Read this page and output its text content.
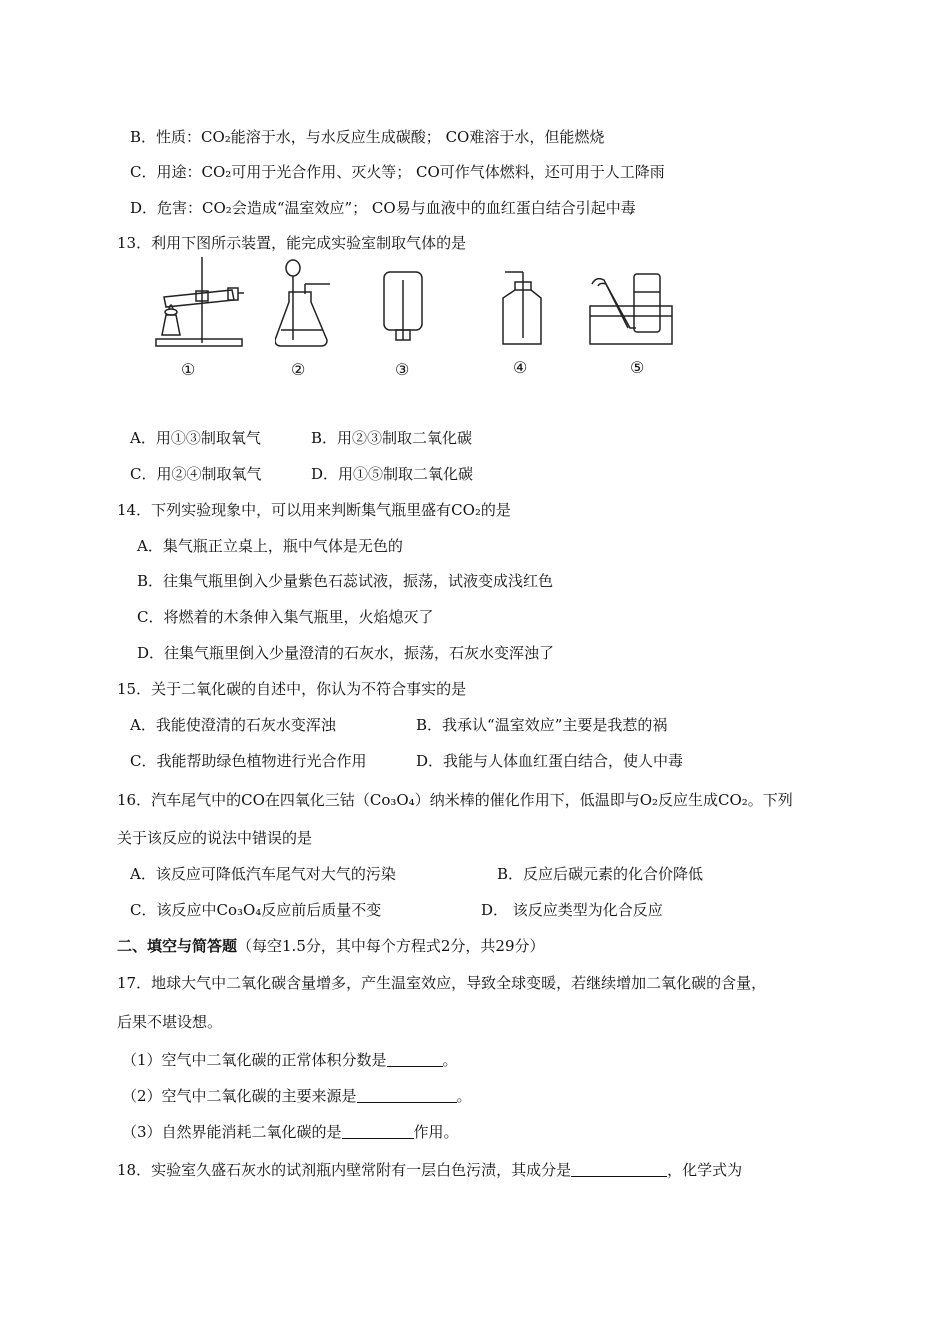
B．性质：CO₂能溶于水，与水反应生成碳酸； CO难溶于水，但能燃烧
C．用途：CO₂可用于光合作用、灭火等； CO可作气体燃料，还可用于人工降雨
D．危害：CO₂会造成“温室效应”； CO易与血液中的血红蛋白结合引起中毒
13．利用下图所示装置，能完成实验室制取气体的是
①	②	③	④	⑤
A．用①③制取氧气	B．用②③制取二氧化碳
C．用②④制取氧气	D．用①⑤制取二氧化碳
14．下列实验现象中，可以用来判断集气瓶里盛有CO₂的是
A．集气瓶正立桌上，瓶中气体是无色的
B．往集气瓶里倒入少量紫色石蕊试液，振荡，试液变成浅红色
C．将燃着的木条伸入集气瓶里，火焰熄灭了
D．往集气瓶里倒入少量澄清的石灰水，振荡，石灰水变浑浊了
15．关于二氧化碳的自述中，你认为不符合事实的是
A．我能使澄清的石灰水变浑浊	B．我承认“温室效应”主要是我惹的祸
C．我能帮助绿色植物进行光合作用	D．我能与人体血红蛋白结合，使人中毒
16．汽车尾气中的CO在四氧化三钴（Co₃O₄）纳米棒的催化作用下，低温即与O₂反应生成CO₂。下列
关于该反应的说法中错误的是
A．该反应可降低汽车尾气对大气的污染	B．反应后碳元素的化合价降低
C．该反应中Co₃O₄反应前后质量不变	D． 该反应类型为化合反应
二、填空与简答题（每空1.5分，其中每个方程式2分，共29分）
17．地球大气中二氧化碳含量增多，产生温室效应，导致全球变暖，若继续增加二氧化碳的含量，
后果不堪设想。
（1）空气中二氧化碳的正常体积分数是	。
（2）空气中二氧化碳的主要来源是	。
（3）自然界能消耗二氧化碳的是	作用。
18．实验室久盛石灰水的试剂瓶内壁常附有一层白色污渍，其成分是	，化学式为
